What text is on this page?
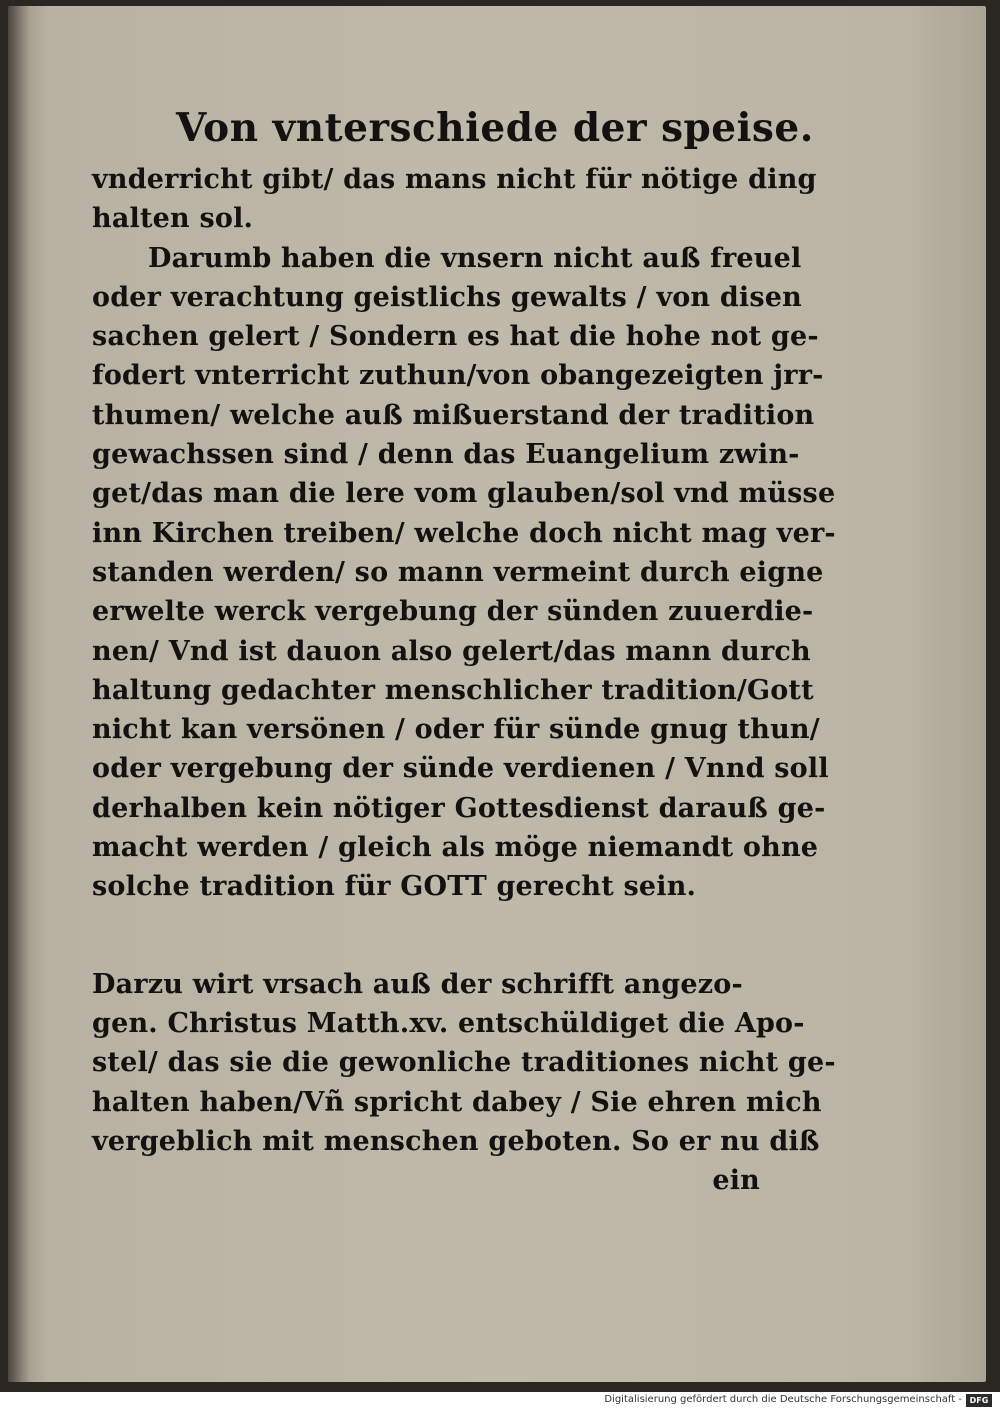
Von vnterschiede der speise.
vnderricht gibt/ das mans nicht für nötige ding
halten sol.
Darumb haben die vnsern nicht auß freuel
oder verachtung geistlichs gewalts / von disen
sachen gelert / Sondern es hat die hohe not ge-
fodert vnterricht zuthun/von obangezeigten jrr-
thumen/ welche auß mißuerstand der tradition
gewachssen sind / denn das Euangelium zwin-
get/das man die lere vom glauben/sol vnd müsse
inn Kirchen treiben/ welche doch nicht mag ver-
standen werden/ so mann vermeint durch eigne
erwelte werck vergebung der sünden zuuerdie-
nen/ Vnd ist dauon also gelert/das mann durch
haltung gedachter menschlicher tradition/Gott
nicht kan versönen / oder für sünde gnug thun/
oder vergebung der sünde verdienen / Vnnd soll
derhalben kein nötiger Gottesdienst darauß ge-
macht werden / gleich als möge niemandt ohne
solche tradition für GOTT gerecht sein.
Darzu wirt vrsach auß der schrifft angezo-
gen. Christus Matth.xv. entschüldiget die Apo-
stel/ das sie die gewonliche traditiones nicht ge-
halten haben/Vñ spricht dabey / Sie ehren mich
vergeblich mit menschen geboten. So er nu diß
ein
Digitalisierung gefördert durch die Deutsche Forschungsgemeinschaft - DFG
